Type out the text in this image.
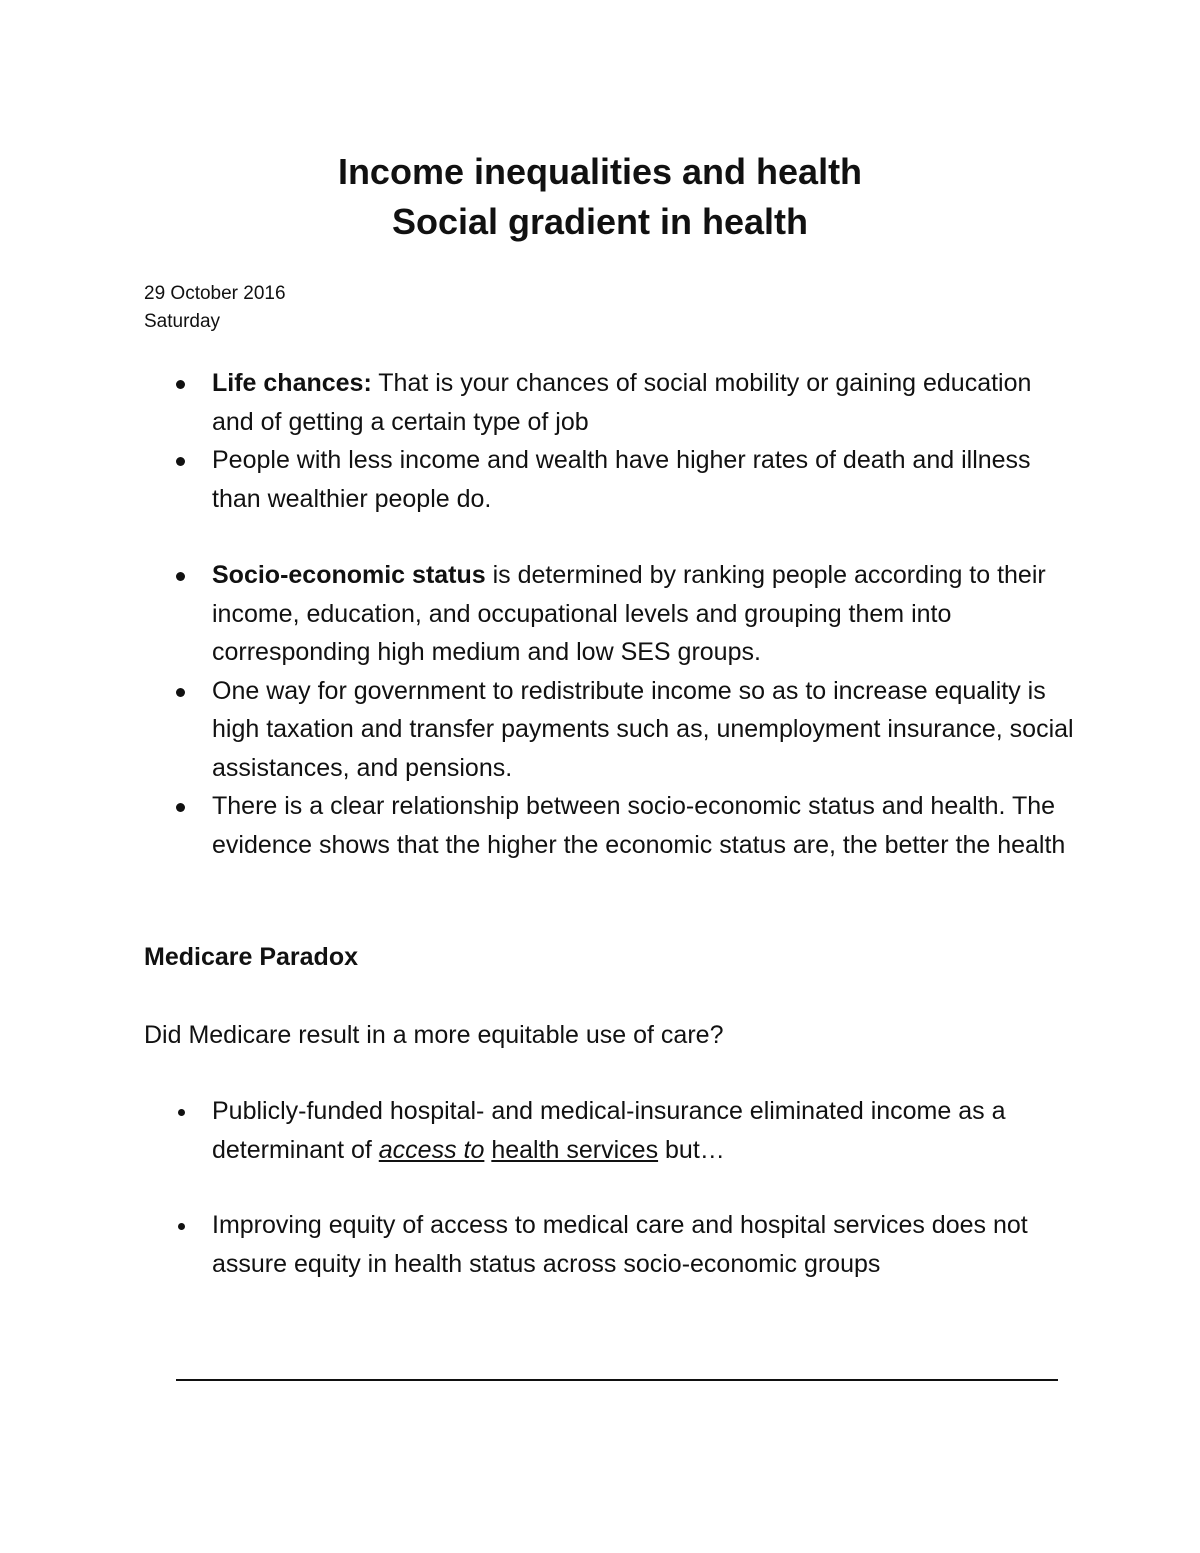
Income inequalities and health
Social gradient in health
29 October 2016
Saturday
Life chances: That is your chances of social mobility or gaining education and of getting a certain type of job
People with less income and wealth have higher rates of death and illness than wealthier people do.
Socio-economic status is determined by ranking people according to their income, education, and occupational levels and grouping them into corresponding high medium and low SES groups.
One way for government to redistribute income so as to increase equality is high taxation and transfer payments such as, unemployment insurance, social assistances, and pensions.
There is a clear relationship between socio-economic status and health. The evidence shows that the higher the economic status are, the better the health
Medicare Paradox
Did Medicare result in a more equitable use of care?
Publicly-funded hospital- and medical-insurance eliminated income as a determinant of access to health services but…
Improving equity of access to medical care and hospital services does not assure equity in health status across socio-economic groups
